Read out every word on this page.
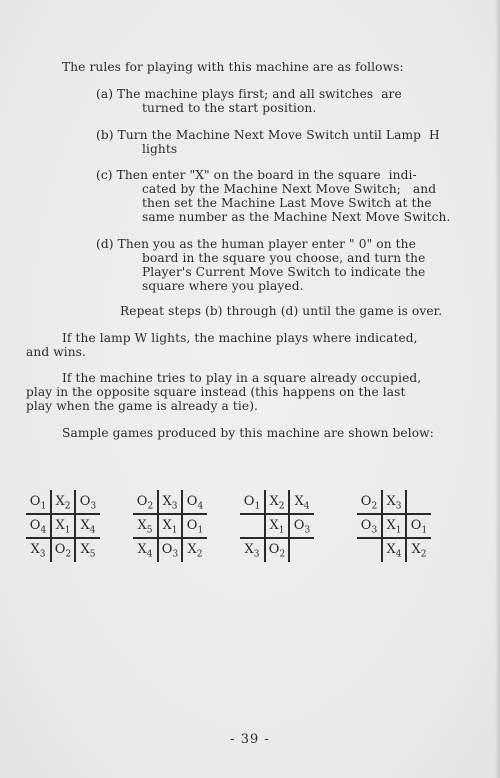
The rules for playing with this machine are as follows:
(a) The machine plays first; and all switches  are
turned to the start position.
(b) Turn the Machine Next Move Switch until Lamp  H
lights
(c) Then enter "X" on the board in the square  indi-
cated by the Machine Next Move Switch;   and
then set the Machine Last Move Switch at the
same number as the Machine Next Move Switch.
(d) Then you as the human player enter " 0" on the
board in the square you choose, and turn the
Player's Current Move Switch to indicate the
square where you played.
Repeat steps (b) through (d) until the game is over.
If the lamp W lights, the machine plays where indicated,
and wins.
If the machine tries to play in a square already occupied,
play in the opposite square instead (this happens on the last
play when the game is already a tie).
Sample games produced by this machine are shown below:
$O_1$ $X_2$ $O_3$
$O_4$ $X_1$ $X_4$
$X_3$ $O_2$ $X_5$
$O_2$ $X_3$ $O_4$
$X_5$ $X_1$ $O_1$
$X_4$ $O_3$ $X_2$
$O_1$ $X_2$ $X_4$
$X_1$ $O_3$
$X_3$ $O_2$
$O_2$ $X_3$
$O_3$ $X_1$ $O_1$
$X_4$ $X_2$
- 39 -
